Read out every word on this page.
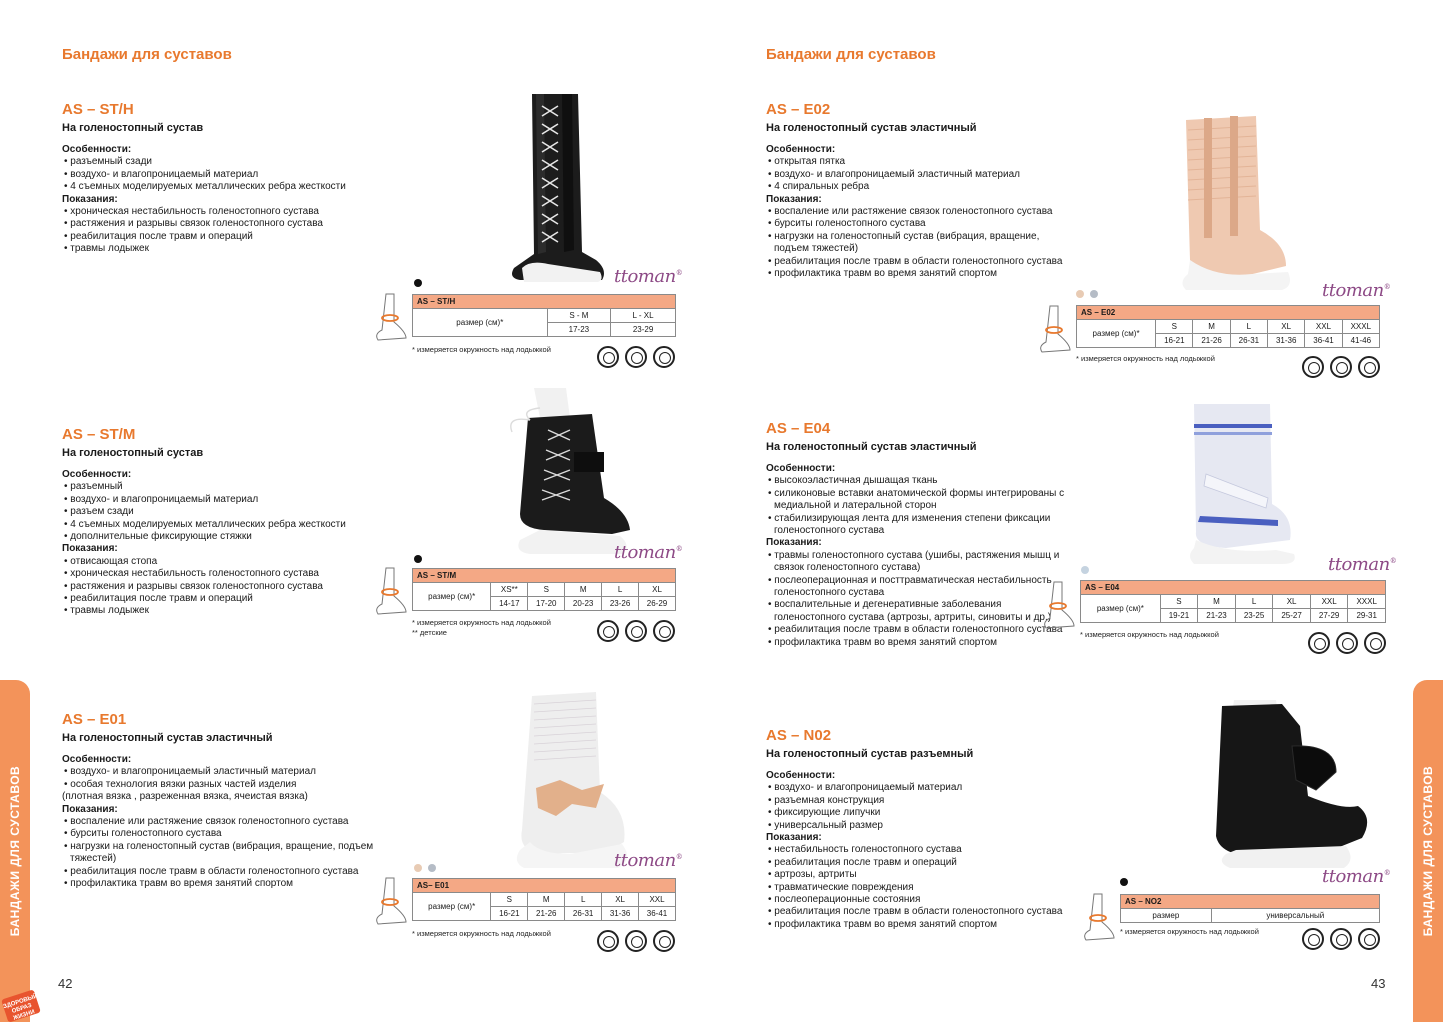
Бандажи для суставов	Бандажи для суставов
БАНДАЖИ ДЛЯ СУСТАВОВ	БАНДАЖИ ДЛЯ СУСТАВОВ
ЗДОРОВЫЙ ОБРАЗ ЖИЗНИ
42	43
AS – ST/H
На голеностопный сустав
Особенности:
• разъемный сзади
• воздухо- и влагопроницаемый материал
• 4 съемных моделируемых металлических ребра жесткости
Показания:
• хроническая нестабильность голеностопного сустава
• растяжения и разрывы связок голеностопного сустава
• реабилитация после травм и операций
• травмы лодыжек
AS – ST/M
На голеностопный сустав
Особенности:
• разъемный
• воздухо- и влагопроницаемый материал
• разъем сзади
• 4 съемных моделируемых металлических ребра жесткости
• дополнительные фиксирующие стяжки
Показания:
• отвисающая стопа
• хроническая нестабильность голеностопного сустава
• растяжения и разрывы связок голеностопного сустава
• реабилитация после травм и операций
• травмы лодыжек
AS – E01
На голеностопный сустав эластичный
Особенности:
• воздухо- и влагопроницаемый эластичный материал
• особая технология вязки разных частей изделия
(плотная вязка , разреженная вязка, ячеистая вязка)
Показания:
• воспаление или растяжение связок голеностопного сустава
• бурситы голеностопного сустава
• нагрузки на голеностопный сустав (вибрация, вращение, подъем тяжестей)
• реабилитация после травм в области голеностопного сустава
• профилактика травм во время занятий спортом
AS – E02
На голеностопный сустав эластичный
Особенности:
• открытая пятка
• воздухо- и влагопроницаемый эластичный материал
• 4 спиральных ребра
Показания:
• воспаление или растяжение связок голеностопного сустава
• бурситы голеностопного сустава
• нагрузки на голеностопный сустав (вибрация, вращение, подъем тяжестей)
• реабилитация после травм в области голеностопного сустава
• профилактика травм во время занятий спортом
AS – E04
На голеностопный сустав эластичный
Особенности:
• высокоэластичная дышащая ткань
• силиконовые вставки анатомической формы интегрированы с медиальной и латеральной сторон
• стабилизирующая лента для изменения степени фиксации голеностопного сустава
Показания:
• травмы голеностопного сустава (ушибы, растяжения мышц и связок голеностопного сустава)
• послеоперационная и посттравматическая нестабильность голеностопного сустава
• воспалительные и дегенеративные заболевания голеностопного сустава (артрозы, артриты, синовиты и др.)
• реабилитация после травм в области голеностопного сустава
• профилактика травм во время занятий спортом
AS – N02
На голеностопный сустав разъемный
Особенности:
• воздухо- и влагопроницаемый материал
• разъемная конструкция
• фиксирующие липучки
• универсальный размер
Показания:
• нестабильность голеностопного сустава
• реабилитация после травм и операций
• артрозы, артриты
• травматические повреждения
• послеоперационные состояния
• реабилитация после травм в области голеностопного сустава
• профилактика травм во время занятий спортом
ttoman®
ttoman®
ttoman®
ttoman®
ttoman®
ttoman®
AS – ST/H		
размер (см)*	S - M	L - XL
	17-23	23-29
* измеряется окружность над лодыжкой
AS – ST/M					
размер (см)*	XS**	S	M	L	XL
	14-17	17-20	20-23	23-26	26-29
* измеряется окружность над лодыжкой
** детские
AS– E01					
размер (см)*	S	M	L	XL	XXL
	16-21	21-26	26-31	31-36	36-41
* измеряется окружность над лодыжкой
AS – E02						
размер (см)*	S	M	L	XL	XXL	XXXL
	16-21	21-26	26-31	31-36	36-41	41-46
* измеряется окружность над лодыжкой
AS – E04						
размер (см)*	S	M	L	XL	XXL	XXXL
	19-21	21-23	23-25	25-27	27-29	29-31
* измеряется окружность над лодыжкой
AS – NO2
размер	универсальный
* измеряется окружность над лодыжкой
